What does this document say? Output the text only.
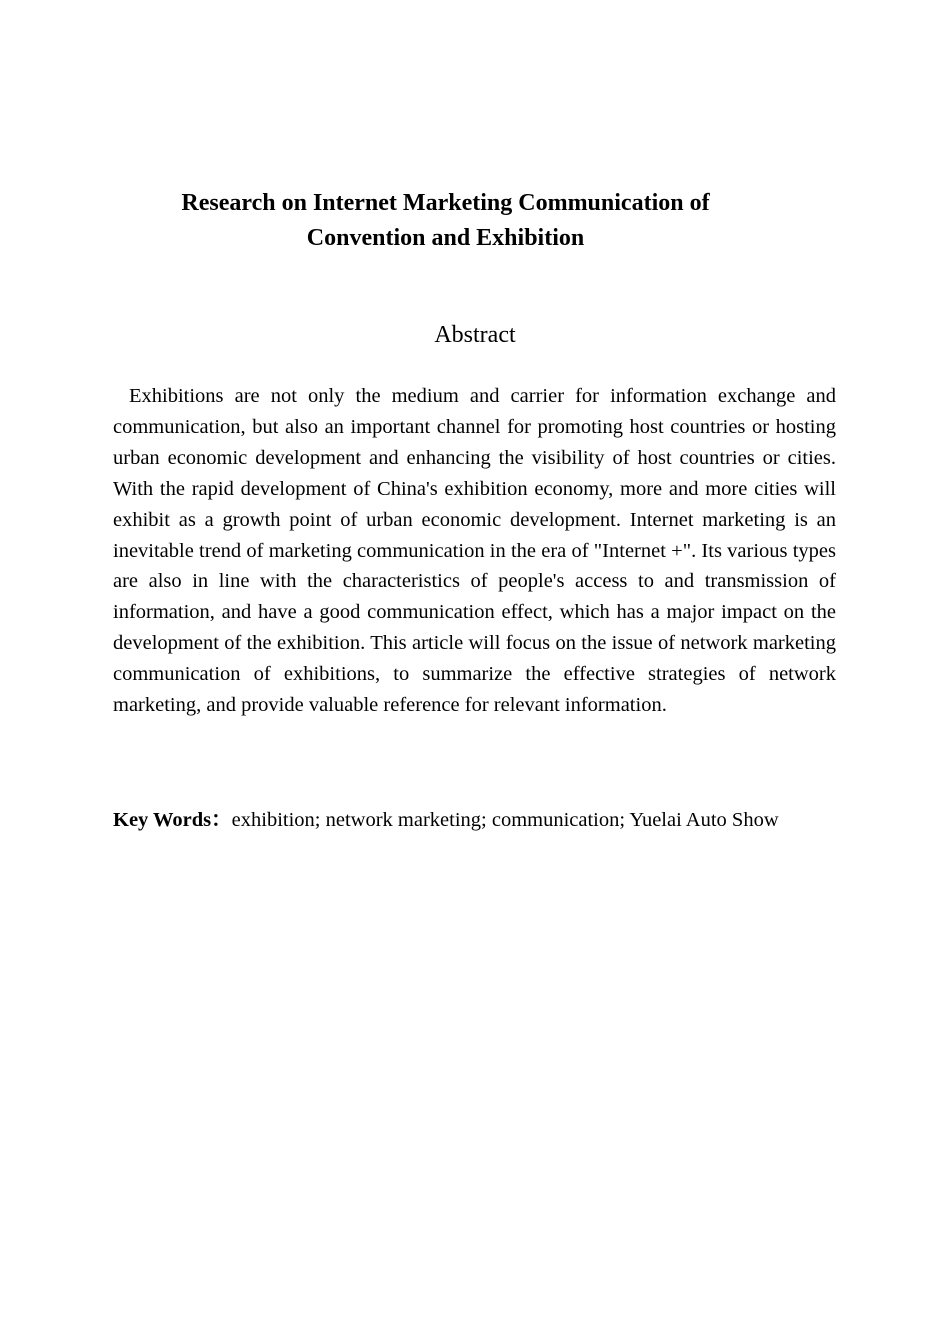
Research on Internet Marketing Communication of
Convention and Exhibition
Abstract

Exhibitions are not only the medium and carrier for information exchange and communication, but also an important channel for promoting host countries or hosting urban economic development and enhancing the visibility of host countries or cities. With the rapid development of China's exhibition economy, more and more cities will exhibit as a growth point of urban economic development. Internet marketing is an inevitable trend of marketing communication in the era of "Internet +". Its various types are also in line with the characteristics of people's access to and transmission of information, and have a good communication effect, which has a major impact on the development of the exhibition. This article will focus on the issue of network marketing communication of exhibitions, to summarize the effective strategies of network marketing, and provide valuable reference for relevant information.

Key Words：exhibition; network marketing; communication; Yuelai Auto Show
